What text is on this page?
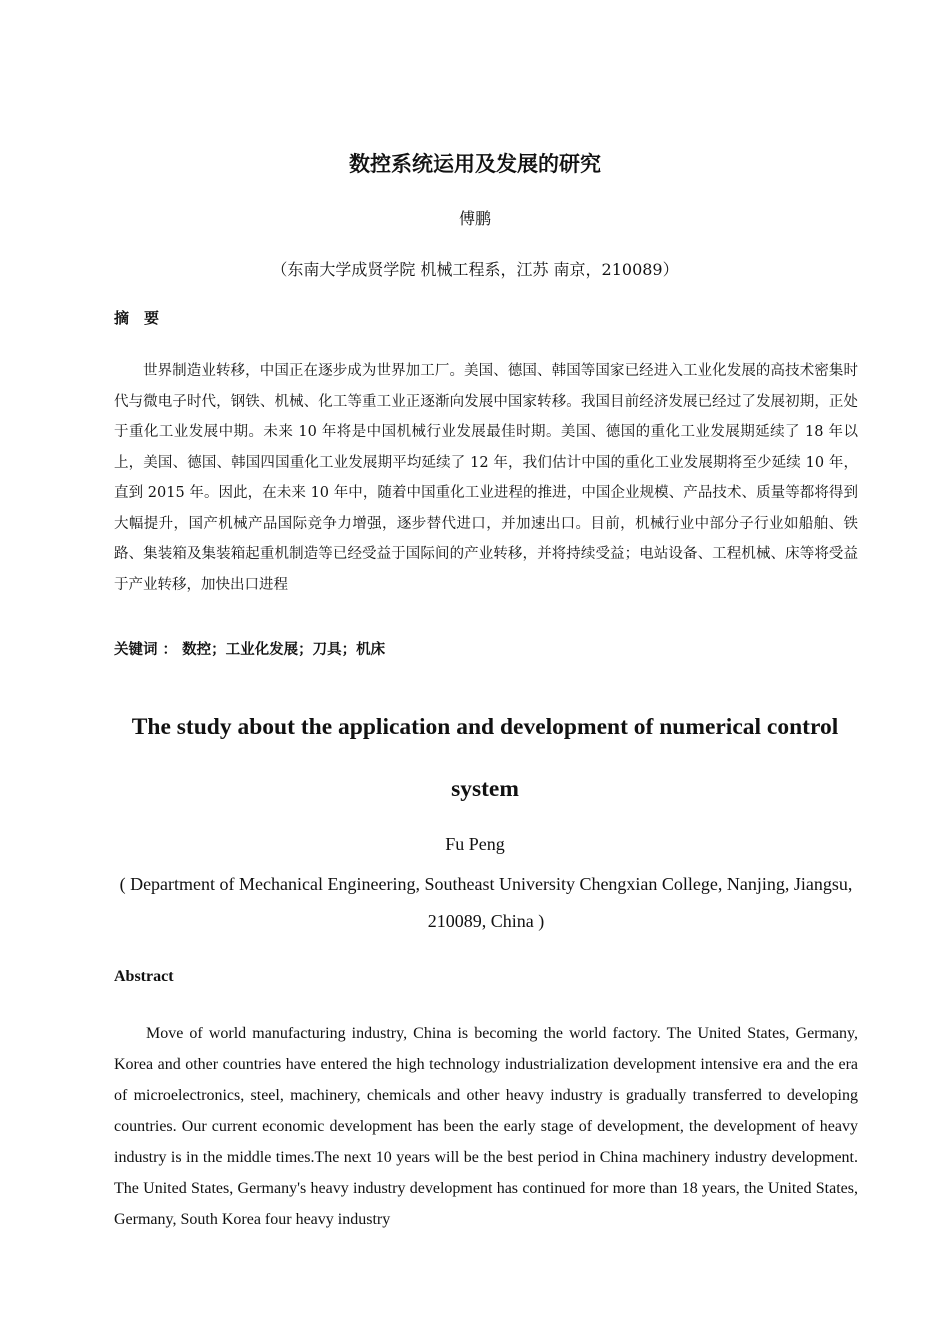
数控系统运用及发展的研究
傅鹏
（东南大学成贤学院 机械工程系，江苏 南京，210089）
摘　要

世界制造业转移，中国正在逐步成为世界加工厂。美国、德国、韩国等国家已经进入工业化发展的高技术密集时代与微电子时代，钢铁、机械、化工等重工业正逐渐向发展中国家转移。我国目前经济发展已经过了发展初期，正处于重化工业发展中期。未来 10 年将是中国机械行业发展最佳时期。美国、德国的重化工业发展期延续了 18 年以上，美国、德国、韩国四国重化工业发展期平均延续了 12 年，我们估计中国的重化工业发展期将至少延续 10 年，直到 2015 年。因此，在未来 10 年中，随着中国重化工业进程的推进，中国企业规模、产品技术、质量等都将得到大幅提升，国产机械产品国际竞争力增强，逐步替代进口，并加速出口。目前，机械行业中部分子行业如船舶、铁路、集装箱及集装箱起重机制造等已经受益于国际间的产业转移，并将持续受益；电站设备、工程机械、床等将受益于产业转移，加快出口进程

关键词 ： 数控；工业化发展；刀具；机床
The study about the application and development of numerical control system
Fu Peng

( Department of Mechanical Engineering, Southeast University Chengxian College, Nanjing, Jiangsu, 210089, China )

Abstract

Move of world manufacturing industry, China is becoming the world factory. The United States, Germany, Korea and other countries have entered the high technology industrialization development intensive era and the era of microelectronics, steel, machinery, chemicals and other heavy industry is gradually transferred to developing countries. Our current economic development has been the early stage of development, the development of heavy industry is in the middle times.The next 10 years will be the best period in China machinery industry development. The United States, Germany's heavy industry development has continued for more than 18 years, the United States, Germany, South Korea four heavy industry
